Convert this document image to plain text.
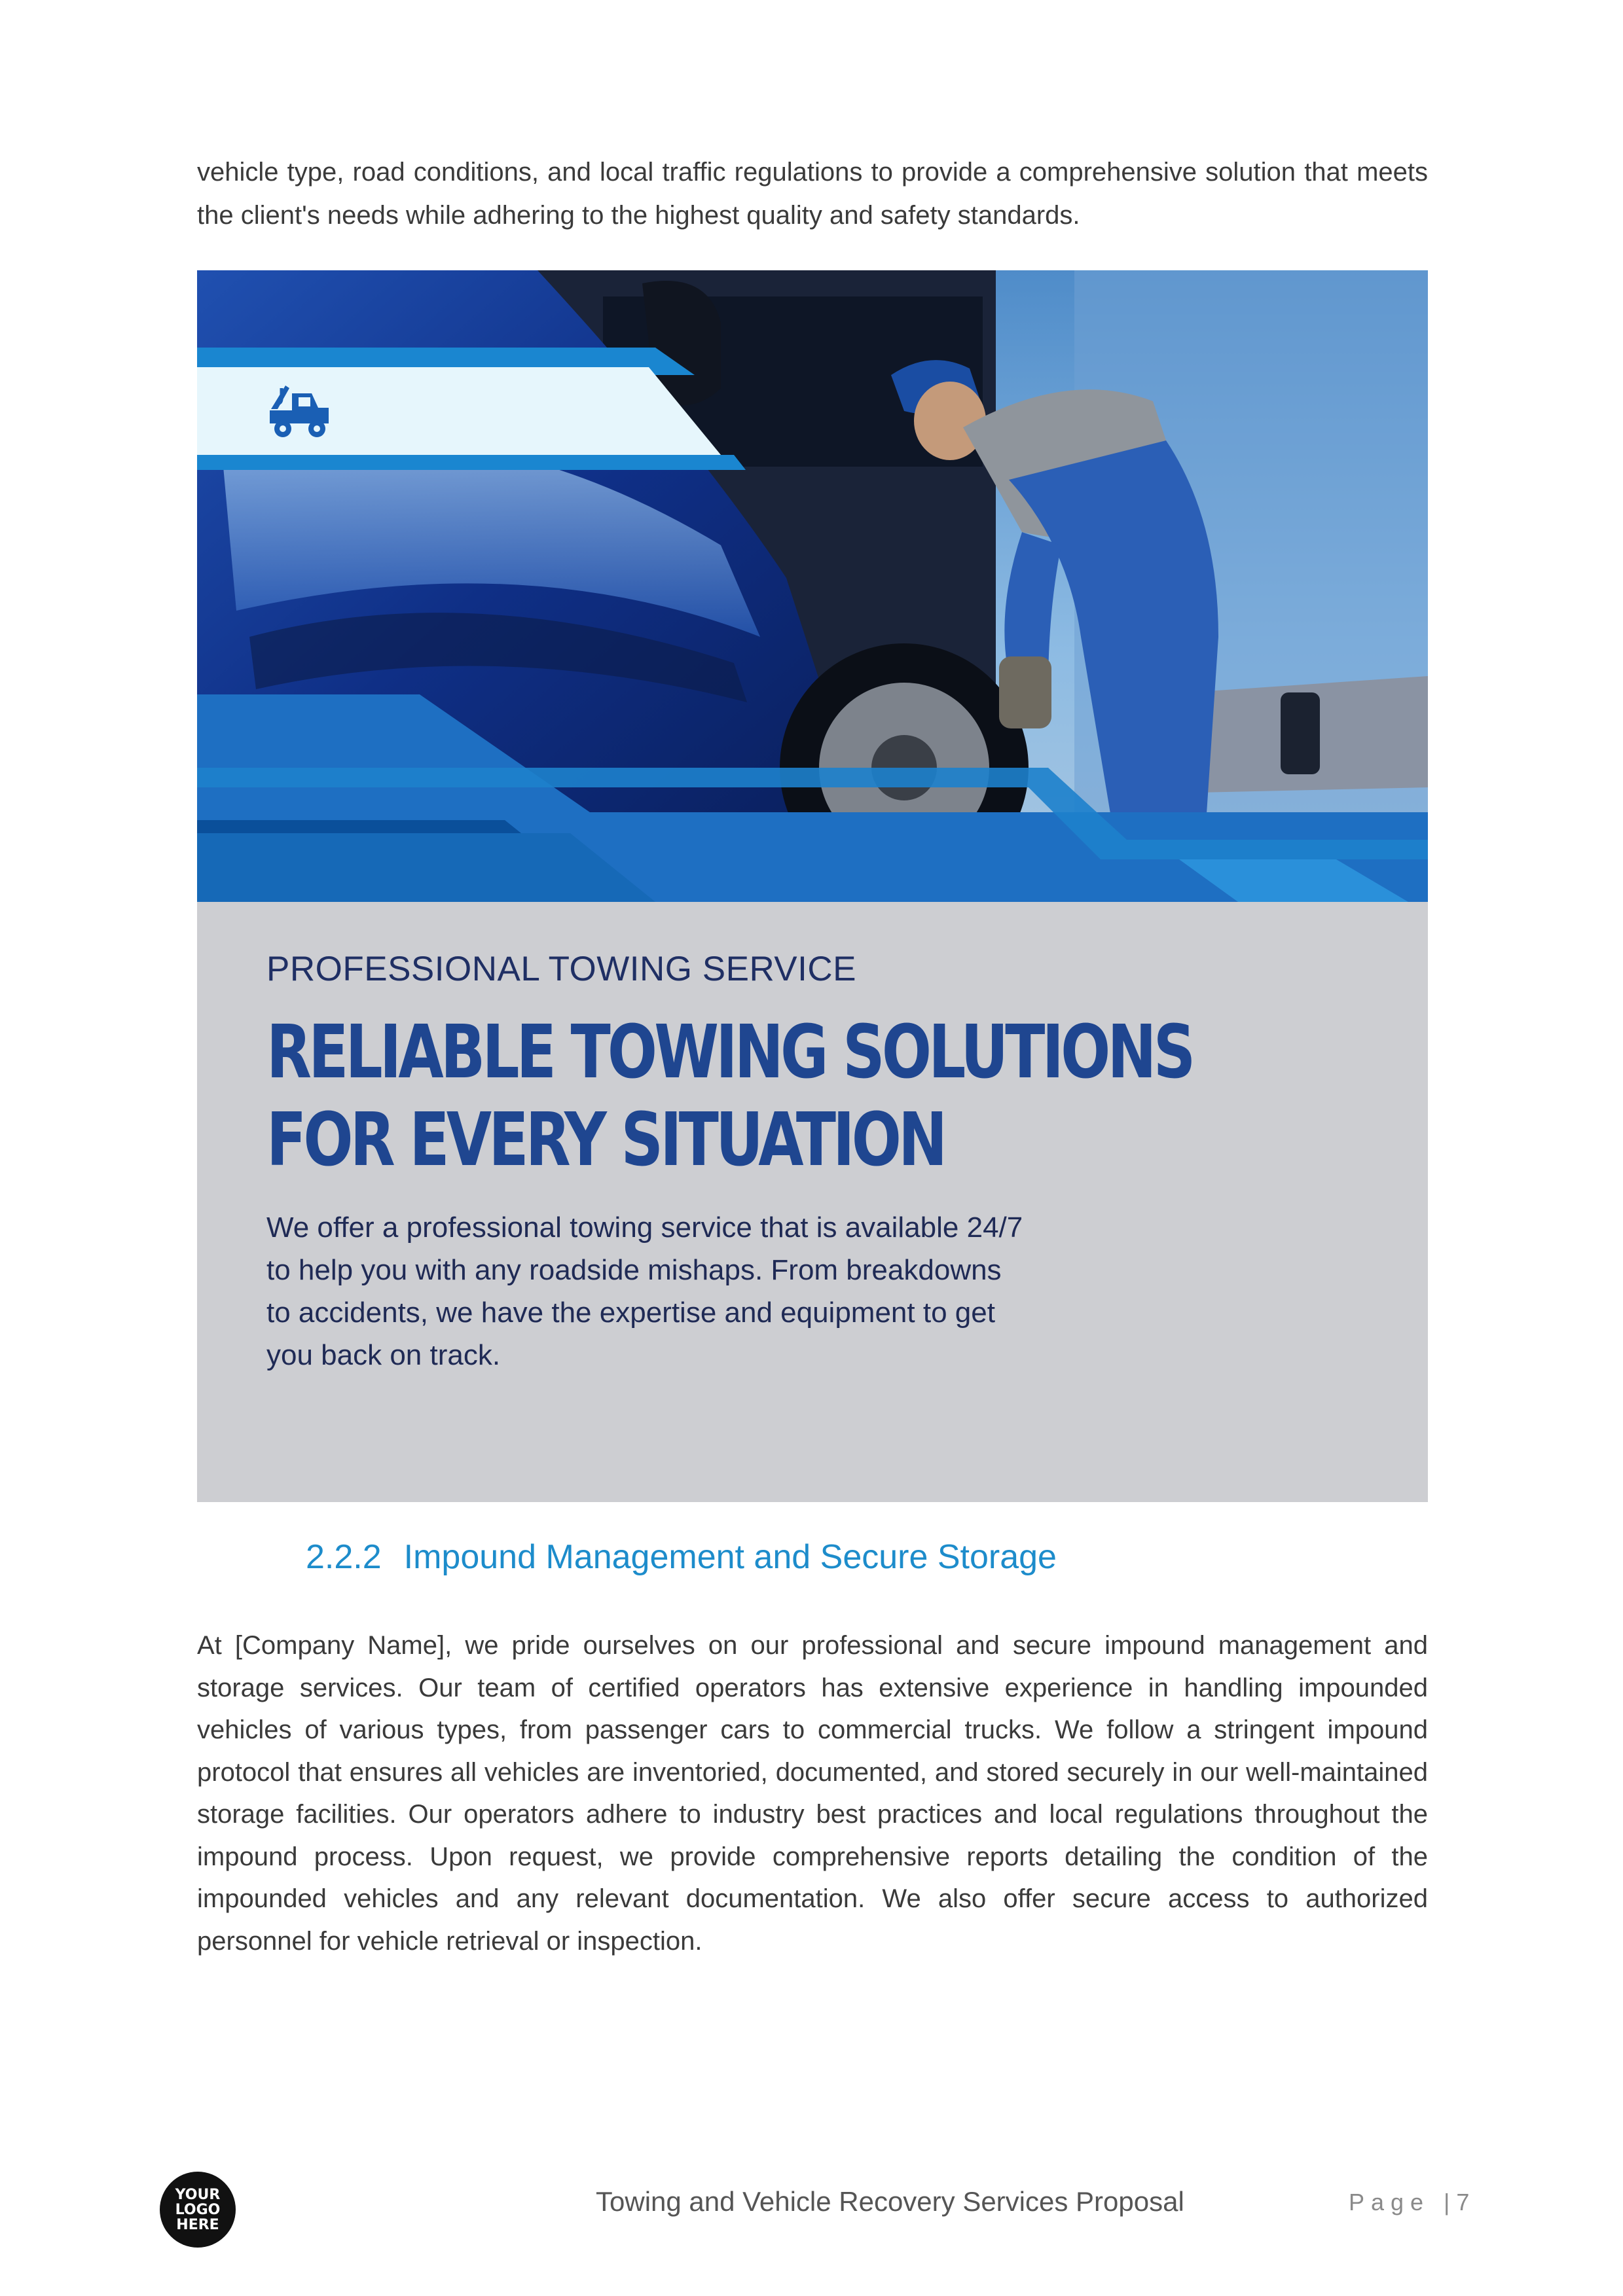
vehicle type, road conditions, and local traffic regulations to provide a comprehensive solution that meets the client's needs while adhering to the highest quality and safety standards.

PROFESSIONAL TOWING SERVICE

RELIABLE TOWING SOLUTIONS
FOR EVERY SITUATION

We offer a professional towing service that is available 24/7 to help you with any roadside mishaps. From breakdowns to accidents, we have the expertise and equipment to get you back on track.

2.2.2 Impound Management and Secure Storage

At [Company Name], we pride ourselves on our professional and secure impound management and storage services. Our team of certified operators has extensive experience in handling impounded vehicles of various types, from passenger cars to commercial trucks. We follow a stringent impound protocol that ensures all vehicles are inventoried, documented, and stored securely in our well-maintained storage facilities. Our operators adhere to industry best practices and local regulations throughout the impound process. Upon request, we provide comprehensive reports detailing the condition of the impounded vehicles and any relevant documentation. We also offer secure access to authorized personnel for vehicle retrieval or inspection.

YOUR
LOGO
HERE

Towing and Vehicle Recovery Services Proposal	Page | 7
